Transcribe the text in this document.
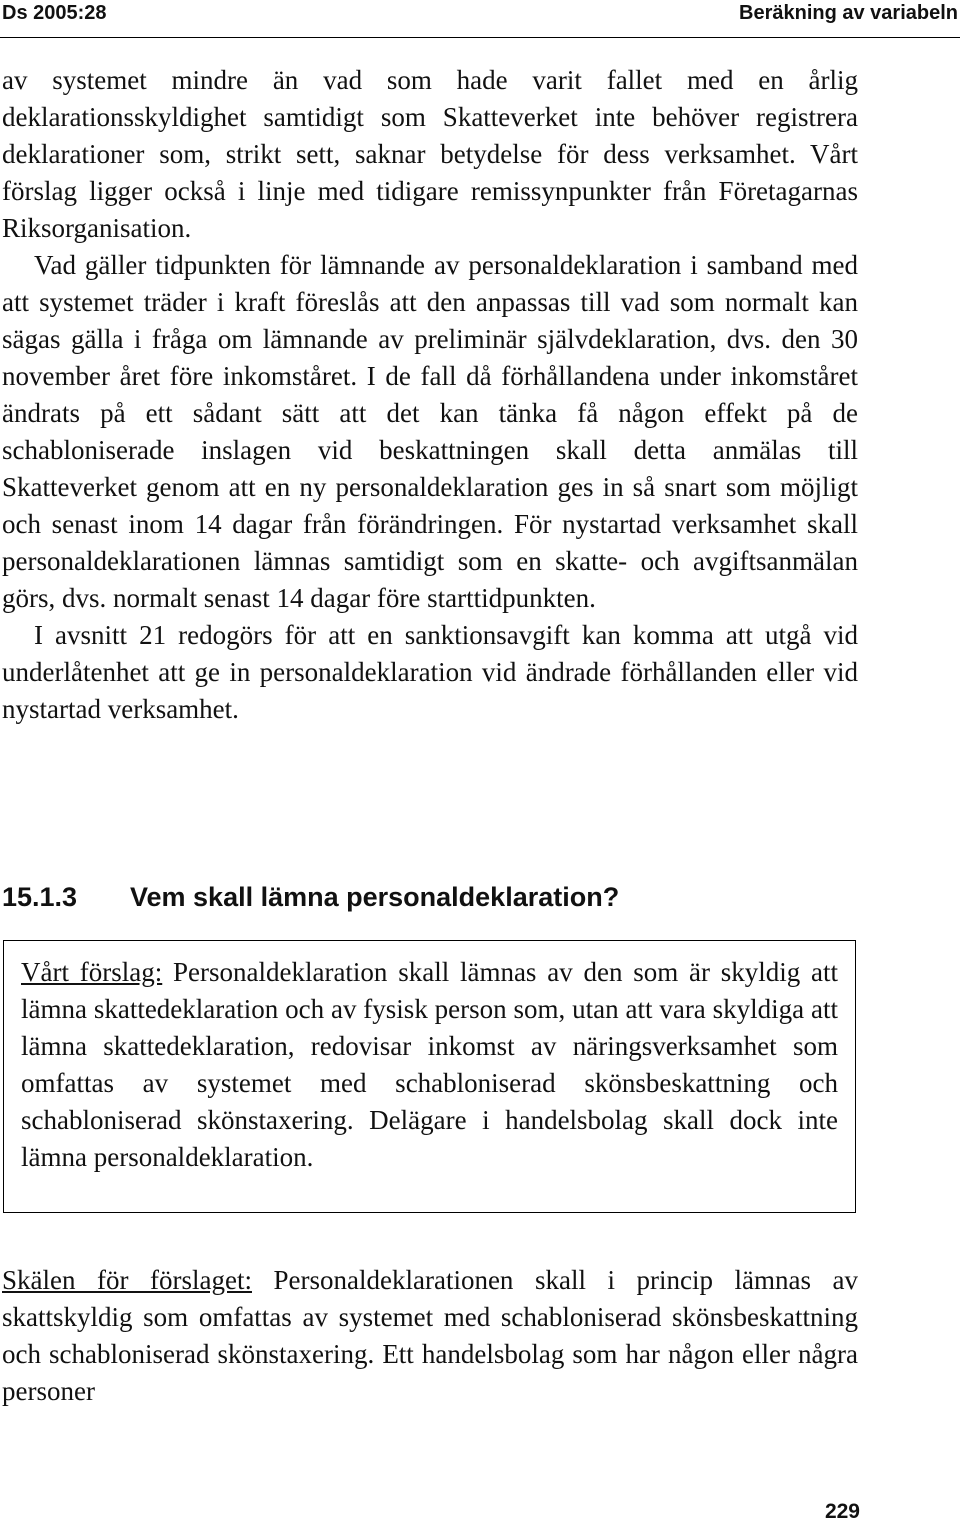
Ds 2005:28	Beräkning av variabeln

av systemet mindre än vad som hade varit fallet med en årlig deklarationsskyldighet samtidigt som Skatteverket inte behöver registrera deklarationer som, strikt sett, saknar betydelse för dess verksamhet. Vårt förslag ligger också i linje med tidigare remissynpunkter från Företagarnas Riksorganisation.

Vad gäller tidpunkten för lämnande av personaldeklaration i samband med att systemet träder i kraft föreslås att den anpassas till vad som normalt kan sägas gälla i fråga om lämnande av preliminär självdeklaration, dvs. den 30 november året före inkomståret. I de fall då förhållandena under inkomståret ändrats på ett sådant sätt att det kan tänka få någon effekt på de schabloniserade inslagen vid beskattningen skall detta anmälas till Skatteverket genom att en ny personaldeklaration ges in så snart som möjligt och senast inom 14 dagar från förändringen. För nystartad verksamhet skall personaldeklarationen lämnas samtidigt som en skatte- och avgiftsanmälan görs, dvs. normalt senast 14 dagar före starttidpunkten.

I avsnitt 21 redogörs för att en sanktionsavgift kan komma att utgå vid underlåtenhet att ge in personaldeklaration vid ändrade förhållanden eller vid nystartad verksamhet.

15.1.3 Vem skall lämna personaldeklaration?

Vårt förslag: Personaldeklaration skall lämnas av den som är skyldig att lämna skattedeklaration och av fysisk person som, utan att vara skyldiga att lämna skattedeklaration, redovisar inkomst av näringsverksamhet som omfattas av systemet med schabloniserad skönsbeskattning och schabloniserad skönstaxering. Delägare i handelsbolag skall dock inte lämna personaldeklaration.

Skälen för förslaget: Personaldeklarationen skall i princip lämnas av skattskyldig som omfattas av systemet med schabloniserad skönsbeskattning och schabloniserad skönstaxering. Ett handelsbolag som har någon eller några personer

229
